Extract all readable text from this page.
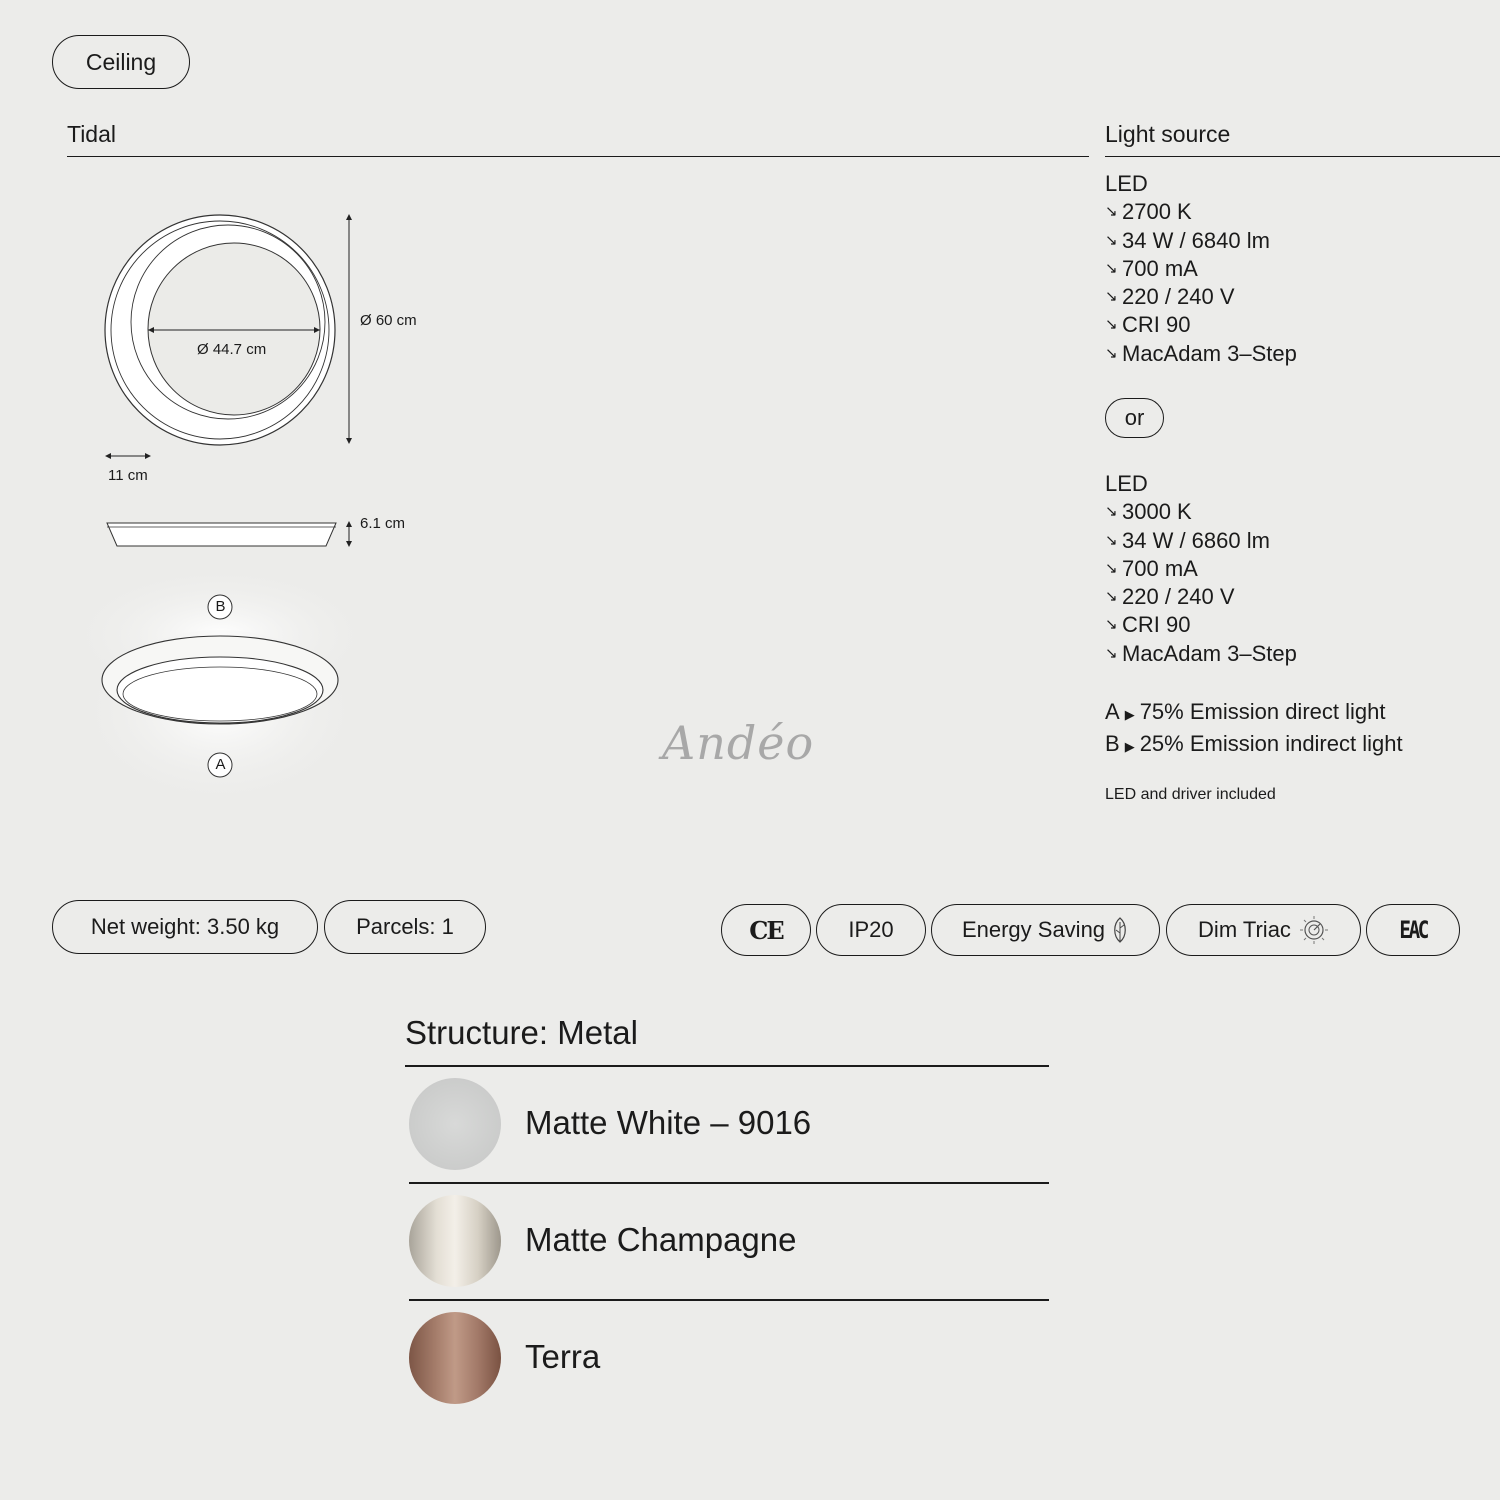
Ceiling
Tidal	Light source
Ø 44.7 cm
Ø 60 cm
11 cm
6.1 cm
B
A	Andéo
LED
↘ 2700 K
↘ 34 W / 6840 lm
↘ 700 mA
↘ 220 / 240 V
↘ CRI 90
↘ MacAdam 3–Step
or
LED
↘ 3000 K
↘ 34 W / 6860 lm
↘ 700 mA
↘ 220 / 240 V
↘ CRI 90
↘ MacAdam 3–Step
A ▶ 75% Emission direct light
B ▶ 25% Emission indirect light
LED and driver included
Net weight: 3.50 kg	Parcels: 1	CE	IP20	Energy Saving	Dim Triac	EAC
Structure: Metal
Matte White – 9016
Matte Champagne
Terra
